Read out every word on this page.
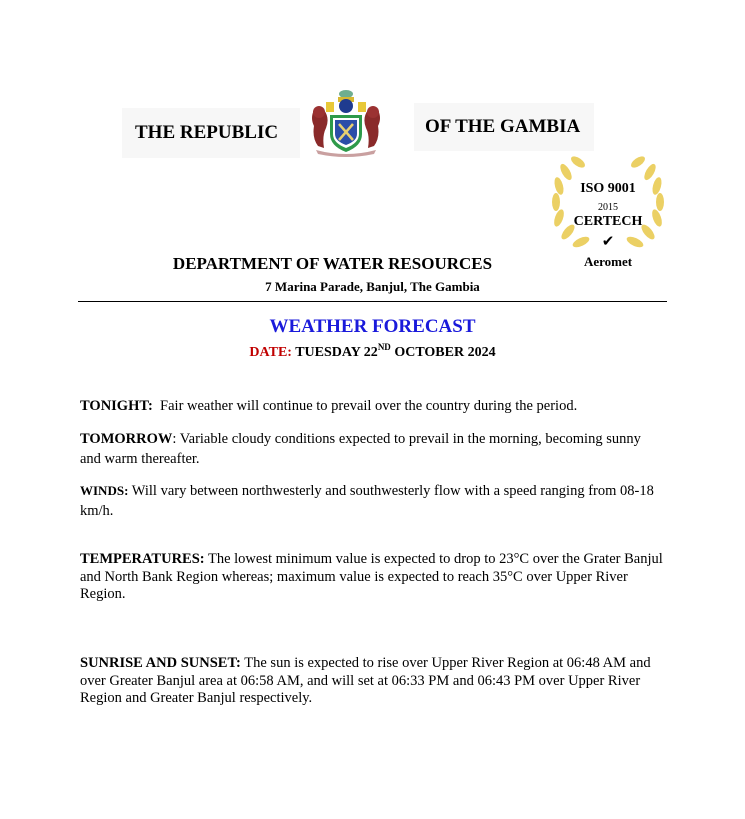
THE REPUBLIC	OF THE GAMBIA
ISO 9001
2015
CERTECH
✔
Aeromet
DEPARTMENT OF WATER RESOURCES
7 Marina Parade, Banjul, The Gambia
WEATHER FORECAST
DATE: TUESDAY 22ND OCTOBER 2024
TONIGHT:  Fair weather will continue to prevail over the country during the period.
TOMORROW: Variable cloudy conditions expected to prevail in the morning, becoming sunny and warm thereafter.
WINDS: Will vary between northwesterly and southwesterly flow with a speed ranging from 08-18 km/h.
TEMPERATURES: The lowest minimum value is expected to drop to 23°C over the Grater Banjul and North Bank Region whereas; maximum value is expected to reach 35°C over Upper River Region.
SUNRISE AND SUNSET: The sun is expected to rise over Upper River Region at 06:48 AM and over Greater Banjul area at 06:58 AM, and will set at 06:33 PM and 06:43 PM over Upper River Region and Greater Banjul respectively.
